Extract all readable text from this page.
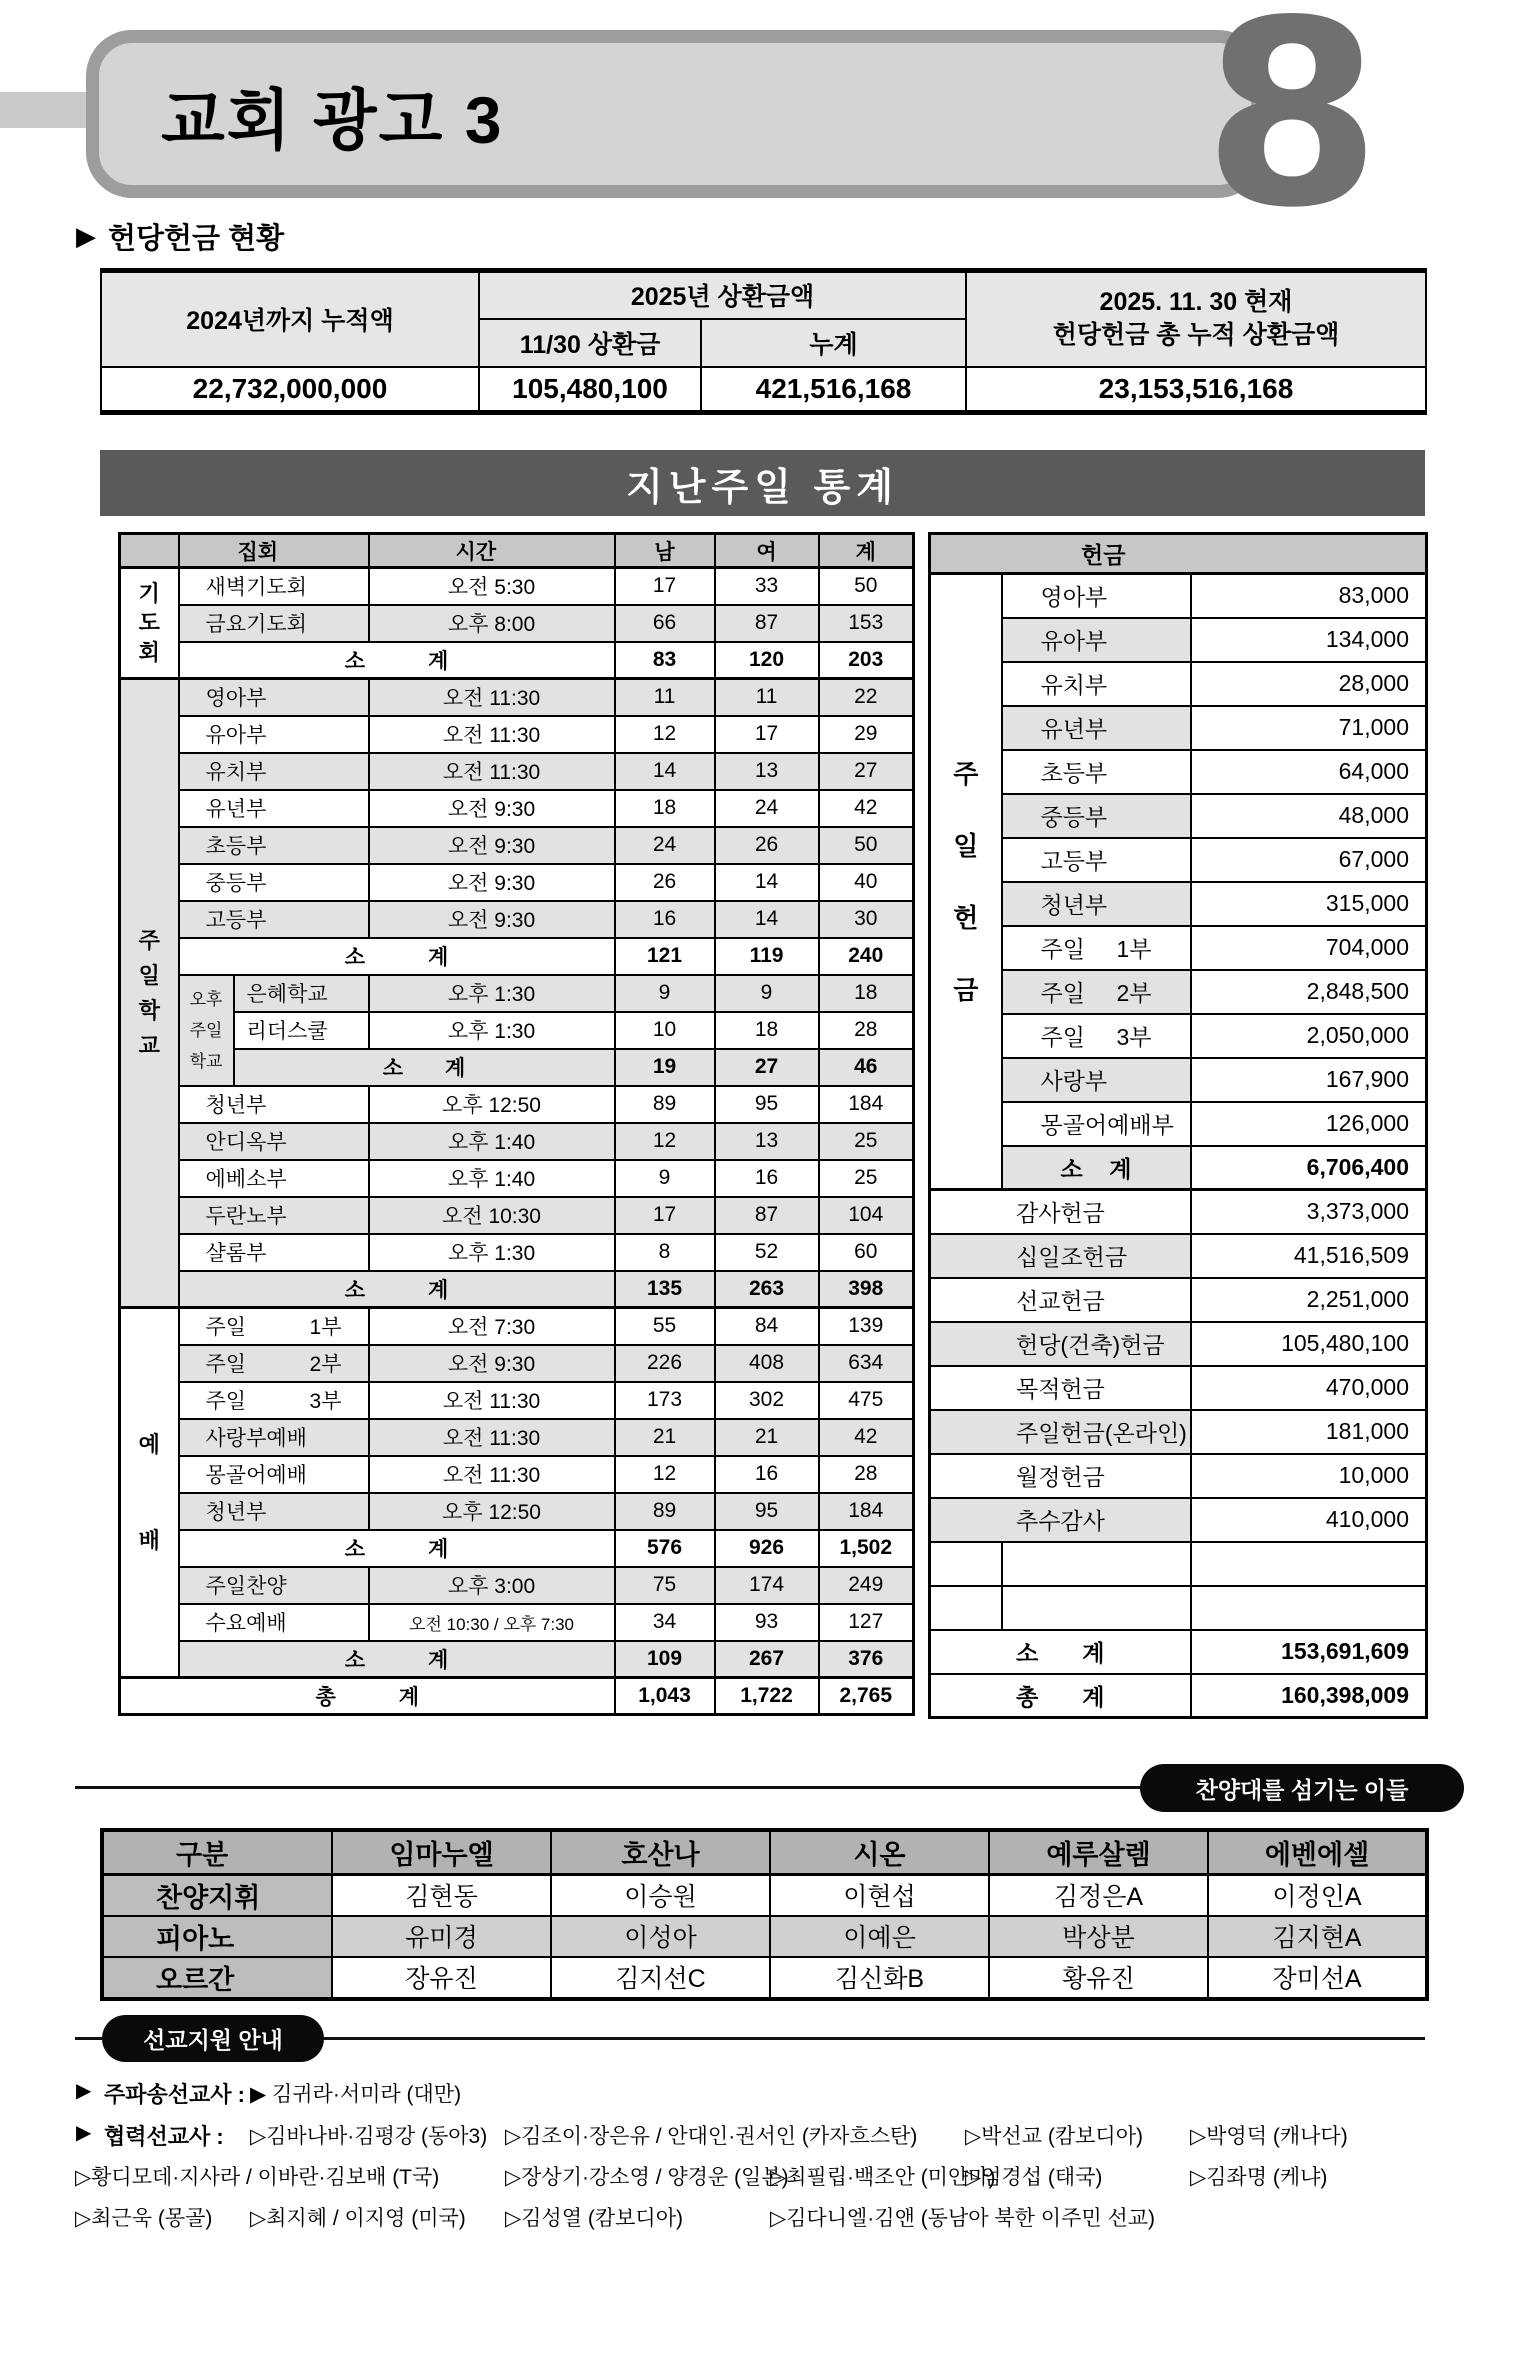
교회 광고 3	8
▶ 헌당헌금 현황
2024년까지 누적액	2025년 상환금액		2025. 11. 30 현재
헌당헌금 총 누적 상환금액

	11/30 상환금	누계	
22,732,000,000	105,480,100	421,516,168	23,153,516,168
지난주일 통계
	집회		시간	남	여	계

기
도
회	새벽기도회		오전 5:30	17	33	50
	금요기도회		오후 8:00	66	87	153
	소　　　계			83	120	203

주
일
학
교	영아부		오전 11:30	11	11	22
	유아부		오전 11:30	12	17	29
	유치부		오전 11:30	14	13	27
	유년부		오전 9:30	18	24	42
	초등부		오전 9:30	24	26	50
	중등부		오전 9:30	26	14	40
	고등부		오전 9:30	16	14	30
	소　　　계			121	119	240

	오후
주일
학교	은혜학교	오후 1:30	9	9	18
		리더스쿨	오후 1:30	10	18	28
		소　　계		19	27	46
	청년부		오후 12:50	89	95	184
	안디옥부		오후 1:40	12	13	25
	에베소부		오후 1:40	9	16	25
	두란노부		오전 10:30	17	87	104
	샬롬부		오후 1:30	8	52	60
	소　　　계			135	263	398

예
배	주일 1부		오전 7:30	55	84	139
	주일 2부		오전 9:30	226	408	634
	주일 3부		오전 11:30	173	302	475
	사랑부예배		오전 11:30	21	21	42
	몽골어예배		오전 11:30	12	16	28
	청년부		오후 12:50	89	95	184
	소　　　계			576	926	1,502
	주일찬양		오후 3:00	75	174	249
	수요예배		오전 10:30 / 오후 7:30	34	93	127
	소　　　계			109	267	376
총　　　계				1,043	1,722	2,765
헌금		

주
일
헌
금	영아부	83,000
	유아부	134,000
	유치부	28,000
	유년부	71,000
	초등부	64,000
	중등부	48,000
	고등부	67,000
	청년부	315,000
	주일 1부	704,000
	주일 2부	2,848,500
	주일 3부	2,050,000
	사랑부	167,900
	몽골어예배부	126,000
	소　계	6,706,400
감사헌금		3,373,000
십일조헌금		41,516,509
선교헌금		2,251,000
헌당(건축)헌금		105,480,100
목적헌금		470,000
주일헌금(온라인)		181,000
월정헌금		10,000
추수감사		410,000

소　계		153,691,609
총　계		160,398,009
찬양대를 섬기는 이들
구분	임마누엘	호산나	시온	예루살렘	에벤에셀
찬양지휘	김현동	이승원	이현섭	김정은A	이정인A
피아노	유미경	이성아	이예은	박상분	김지현A
오르간	장유진	김지선C	김신화B	황유진	장미선A
선교지원 안내
▶ 주파송선교사 : ▶ 김귀라·서미라 (대만)
▶ 협력선교사 : ▷김바나바·김평강 (동아3) ▷김조이·장은유 / 안대인·권서인 (카자흐스탄) ▷박선교 (캄보디아) ▷박영덕 (캐나다)
▷황디모데·지사라 / 이바란·김보배 (T국)	▷장상기·강소영 / 양경운 (일본)
▷최필립·백조안 (미얀마)
▷엄경섭 (태국)	▷김좌명 (케냐)
▷최근욱 (몽골) ▷최지혜 / 이지영 (미국) ▷김성열 (캄보디아)	▷김다니엘·김앤 (동남아 북한 이주민 선교)
